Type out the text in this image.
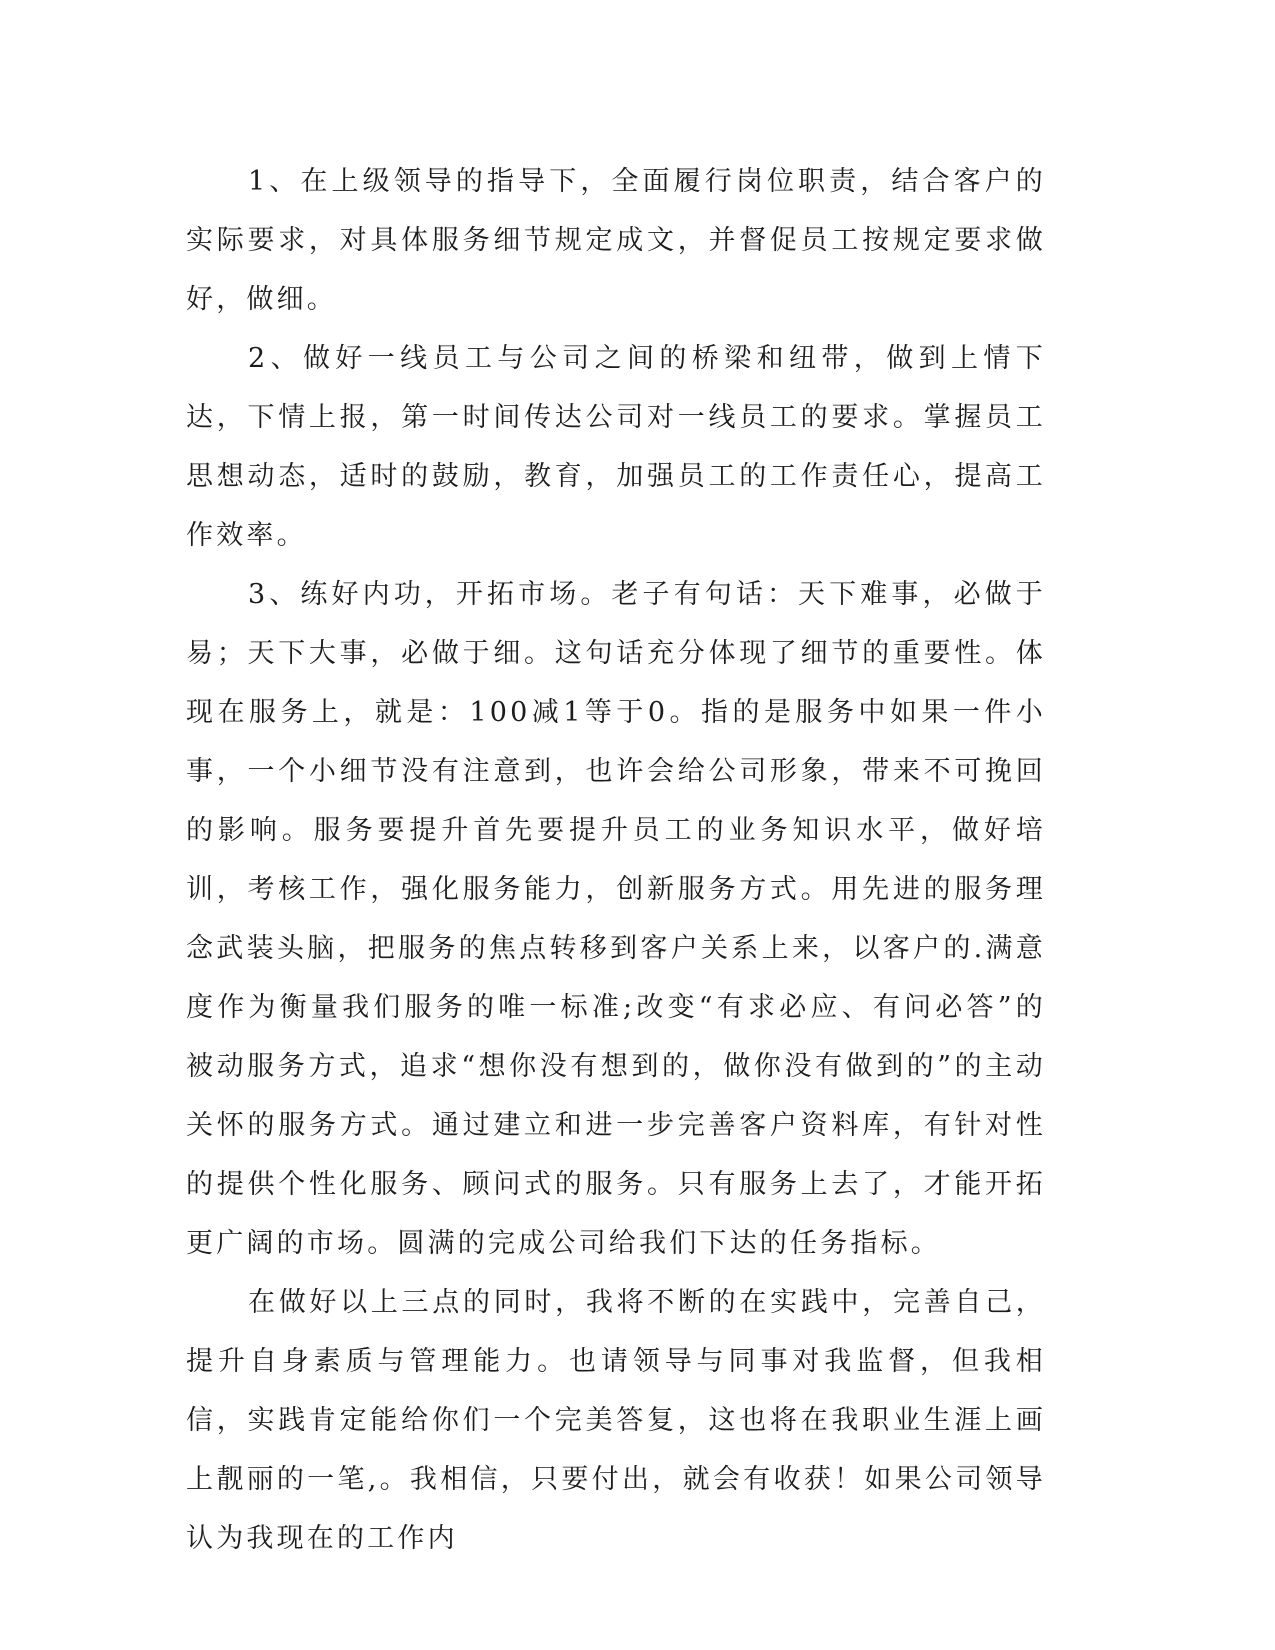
1、在上级领导的指导下，全面履行岗位职责，结合客户的实际要求，对具体服务细节规定成文，并督促员工按规定要求做好，做细。

2、做好一线员工与公司之间的桥梁和纽带，做到上情下达，下情上报，第一时间传达公司对一线员工的要求。掌握员工思想动态，适时的鼓励，教育，加强员工的工作责任心，提高工作效率。

3、练好内功，开拓市场。老子有句话：天下难事，必做于易；天下大事，必做于细。这句话充分体现了细节的重要性。体现在服务上，就是：100减1等于0。指的是服务中如果一件小事，一个小细节没有注意到，也许会给公司形象，带来不可挽回的影响。服务要提升首先要提升员工的业务知识水平，做好培训，考核工作，强化服务能力，创新服务方式。用先进的服务理念武装头脑，把服务的焦点转移到客户关系上来，以客户的.满意度作为衡量我们服务的唯一标准;改变“有求必应、有问必答”的被动服务方式，追求“想你没有想到的，做你没有做到的”的主动关怀的服务方式。通过建立和进一步完善客户资料库，有针对性的提供个性化服务、顾问式的服务。只有服务上去了，才能开拓更广阔的市场。圆满的完成公司给我们下达的任务指标。

在做好以上三点的同时，我将不断的在实践中，完善自己，提升自身素质与管理能力。也请领导与同事对我监督，但我相信，实践肯定能给你们一个完美答复，这也将在我职业生涯上画上靓丽的一笔,。我相信，只要付出，就会有收获！如果公司领导认为我现在的工作内
